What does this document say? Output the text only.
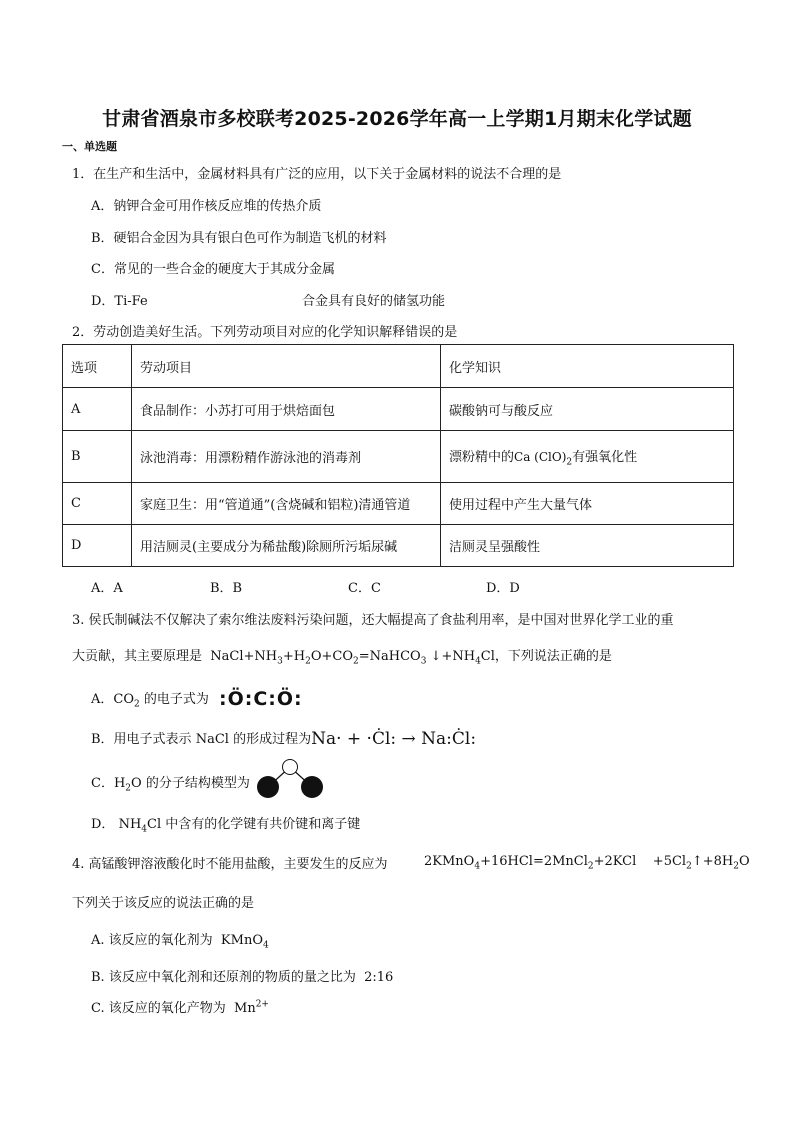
甘肃省酒泉市多校联考2025-2026学年高一上学期1月期末化学试题
一、单选题
1．在生产和生活中，金属材料具有广泛的应用，以下关于金属材料的说法不合理的是
A．钠钾合金可用作核反应堆的传热介质
B．硬铝合金因为具有银白色可作为制造飞机的材料
C．常见的一些合金的硬度大于其成分金属
D．Ti-Fe	合金具有良好的储氢功能
2．劳动创造美好生活。下列劳动项目对应的化学知识解释错误的是
选项	劳动项目	化学知识
A	食品制作：小苏打可用于烘焙面包	碳酸钠可与酸反应
B	泳池消毒：用漂粉精作游泳池的消毒剂	漂粉精中的Ca $(ClO)_2$有强氧化性
C	家庭卫生：用“管道通”(含烧碱和铝粒)清通管道	使用过程中产生大量气体
D	用洁厕灵(主要成分为稀盐酸)除厕所污垢尿碱	洁厕灵呈强酸性
A．A	B．B	C．C	D．D
3. 侯氏制碱法不仅解决了索尔维法废料污染问题，还大幅提高了食盐利用率，是中国对世界化学工业的重
大贡献，其主要原理是 $NaCl+NH_3+H_2O+CO_2=NaHCO_3$ $↓+NH_4Cl$，下列说法正确的是
A．$CO_2$ 的电子式为 :Ö:C:Ö:
B．用电子式表示 NaCl 的形成过程为Na· + ·Ċl: → Na:Ċl:
C．$H_2O$ 的分子结构模型为
D． $NH_4Cl$ 中含有的化学键有共价键和离子键
4. 高锰酸钾溶液酸化时不能用盐酸，主要发生的反应为	2KMnO$_4$+16HCl=2MnCl$_2$+2KCl $+5Cl_2↑+8H_2O$
下列关于该反应的说法正确的是
A. 该反应的氧化剂为 KMnO$_4$
B. 该反应中氧化剂和还原剂的物质的量之比为 2:16
C. 该反应的氧化产物为 $Mn^{2+}$
